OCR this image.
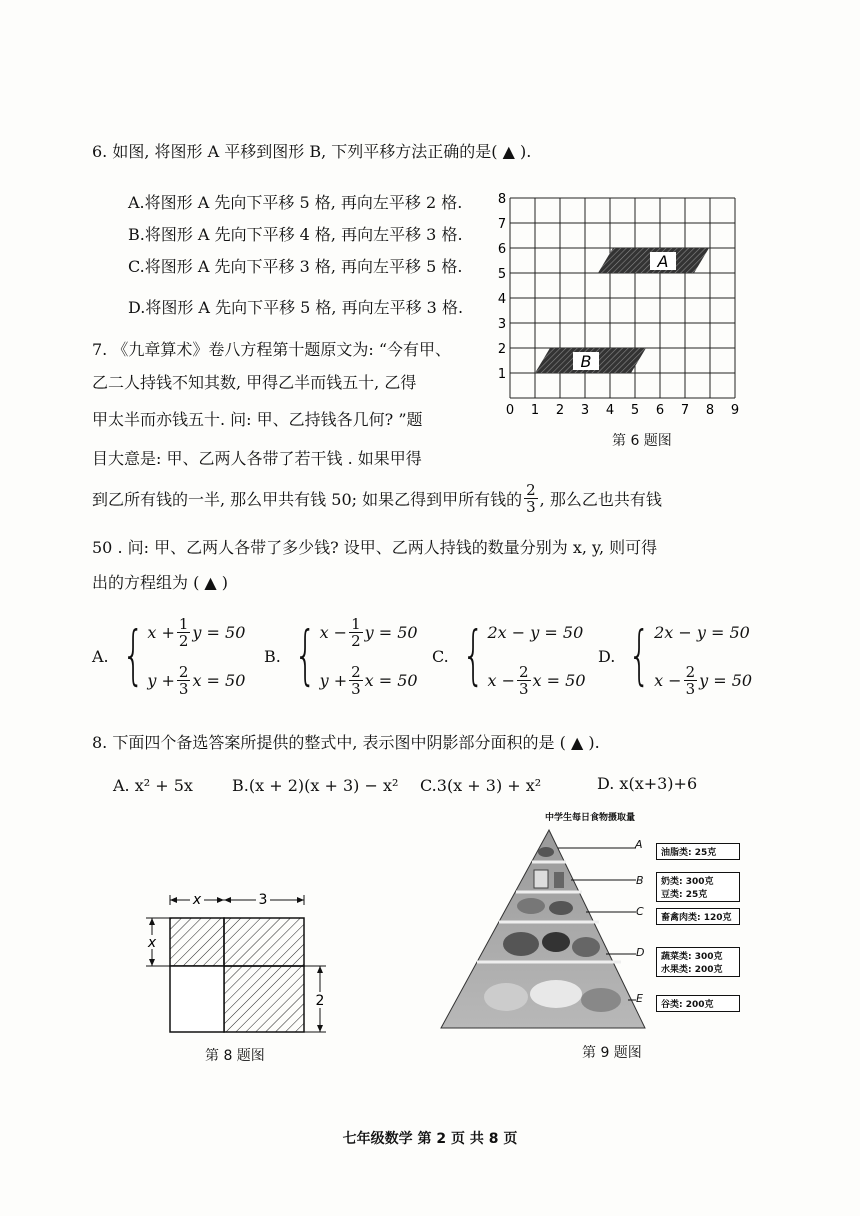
6. 如图, 将图形 A 平移到图形 B, 下列平移方法正确的是( ▲ ).
A.将图形 A 先向下平移 5 格, 再向左平移 2 格.
B.将图形 A 先向下平移 4 格, 再向左平移 3 格.
C.将图形 A 先向下平移 3 格, 再向左平移 5 格.
D.将图形 A 先向下平移 5 格, 再向左平移 3 格.
A
B
0 1 2 3 4 5 6 7 8 9
1
2
3
4
5
6
7
8
第 6 题图
7. 《九章算术》卷八方程第十题原文为: “今有甲、
乙二人持钱不知其数, 甲得乙半而钱五十, 乙得
甲太半而亦钱五十. 问: 甲、乙持钱各几何? ”题
目大意是: 甲、乙两人各带了若干钱 . 如果甲得
到乙所有钱的一半, 那么甲共有钱 50; 如果乙得到甲所有钱的 $\frac{2}{3}$ , 那么乙也共有钱
50 . 问: 甲、乙两人各带了多少钱? 设甲、乙两人持钱的数量分别为 x, y, 则可得
出的方程组为 ( ▲ )
A. { $x + \frac{1}{2}$ y = 50
$y + \frac{2}{3}$ x = 50
B. { $x - \frac{1}{2}$ y = 50
$y + \frac{2}{3}$ x = 50
C. { 2x − y = 50
$x - \frac{2}{3}$ x = 50
D. { 2x − y = 50
$x - \frac{2}{3}$ y = 50
8. 下面四个备选答案所提供的整式中, 表示图中阴影部分面积的是 ( ▲ ).
A. x² + 5x B.(x + 2)(x + 3) − x² C.3(x + 3) + x²	D. x(x+3)+6
x	3
x
2
第 8 题图
中学生每日食物摄取量
A
B
C
D
E
油脂类: 25克
奶类: 300克
豆类: 25克
畜禽肉类: 120克
蔬菜类: 300克
水果类: 200克
谷类: 200克
第 9 题图
七年级数学 第 2 页 共 8 页
